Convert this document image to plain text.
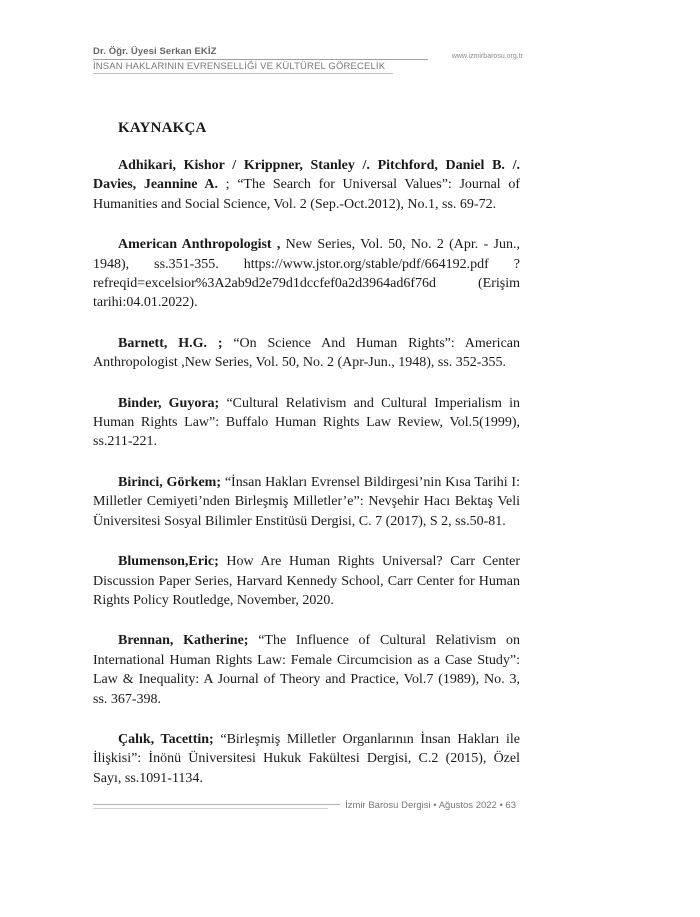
Dr. Öğr. Üyesi Serkan EKİZ	www.izmirbarosu.org.tr
İNSAN HAKLARININ EVRENSELLİĞİ VE KÜLTÜREL GÖRECELİK
KAYNAKÇA

Adhikari, Kishor / Krippner, Stanley /. Pitchford, Daniel B. /. Davies, Jeannine A. ; “The Search for Universal Values”: Journal of Humanities and Social Science, Vol. 2 (Sep.-Oct.2012), No.1, ss. 69-72.

American Anthropologist , New Series, Vol. 50, No. 2 (Apr. - Jun., 1948), ss.351-355. https://www.jstor.org/stable/pdf/664192.pdf ?refreqid=excelsior%3A2ab9d2e79d1dccfef0a2d3964ad6f76d (Erişim tarihi:04.01.2022).

Barnett, H.G. ; “On Science And Human Rights”: American Anthropologist ,New Series, Vol. 50, No. 2 (Apr-Jun., 1948), ss. 352-355.

Binder, Guyora; “Cultural Relativism and Cultural Imperialism in Human Rights Law”: Buffalo Human Rights Law Review, Vol.5(1999), ss.211-221.

Birinci, Görkem; “İnsan Hakları Evrensel Bildirgesi’nin Kısa Tarihi I: Milletler Cemiyeti’nden Birleşmiş Milletler’e”: Nevşehir Hacı Bektaş Veli Üniversitesi Sosyal Bilimler Enstitüsü Dergisi, C. 7 (2017), S 2, ss.50-81.

Blumenson,Eric; How Are Human Rights Universal? Carr Center Discussion Paper Series, Harvard Kennedy School, Carr Center for Human Rights Policy Routledge, November, 2020.

Brennan, Katherine; “The Influence of Cultural Relativism on International Human Rights Law: Female Circumcision as a Case Study”: Law & Inequality: A Journal of Theory and Practice, Vol.7 (1989), No. 3, ss. 367-398.

Çalık, Tacettin; “Birleşmiş Milletler Organlarının İnsan Hakları ile İlişkisi”: İnönü Üniversitesi Hukuk Fakültesi Dergisi, C.2 (2015), Özel Sayı, ss.1091-1134.

İzmir Barosu Dergisi • Ağustos 2022 • 63
